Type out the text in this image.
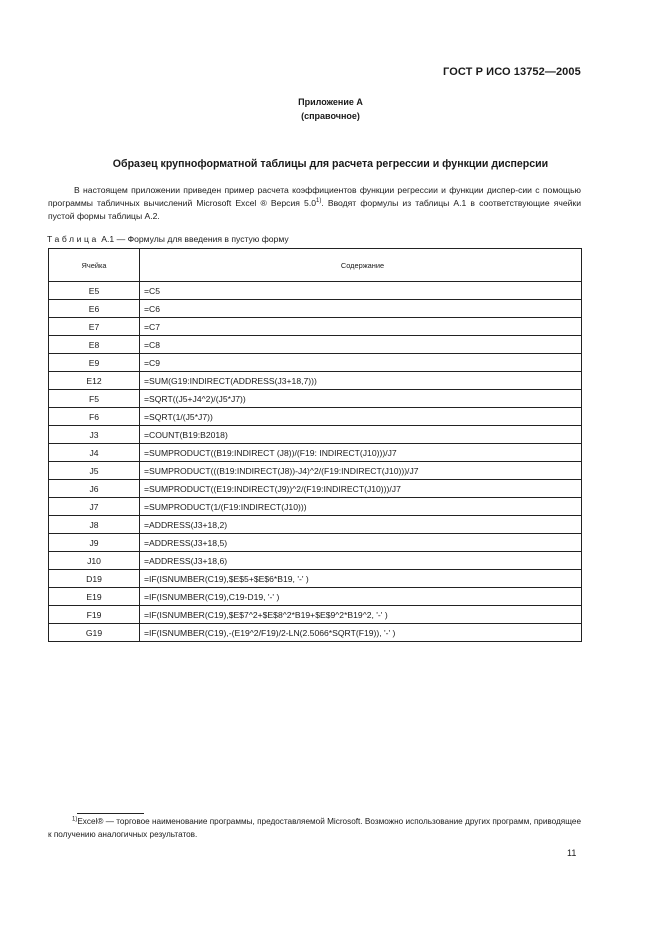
ГОСТ Р ИСО 13752—2005
Приложение А
(справочное)
Образец крупноформатной таблицы для расчета регрессии и функции дисперсии
В настоящем приложении приведен пример расчета коэффициентов функции регрессии и функции диспер-сии с помощью программы табличных вычислений Microsoft Excel ® Версия 5.0$^{1)}$. Вводят формулы из таблицы А.1 в соответствующие ячейки пустой формы таблицы А.2.
Таблица А.1 — Формулы для введения в пустую форму
Ячейка	Содержание
E5	=C5
E6	=C6
E7	=C7
E8	=C8
E9	=C9
E12	=SUM(G19:INDIRECT(ADDRESS(J3+18,7)))
F5	=SQRT((J5+J4^2)/(J5*J7))
F6	=SQRT(1/(J5*J7))
J3	=COUNT(B19:B2018)
J4	=SUMPRODUCT((B19:INDIRECT (J8))/(F19: INDIRECT(J10)))/J7
J5	=SUMPRODUCT(((B19:INDIRECT(J8))-J4)^2/(F19:INDIRECT(J10)))/J7
J6	=SUMPRODUCT((E19:INDIRECT(J9))^2/(F19:INDIRECT(J10)))/J7
J7	=SUMPRODUCT(1/(F19:INDIRECT(J10)))
J8	=ADDRESS(J3+18,2)
J9	=ADDRESS(J3+18,5)
J10	=ADDRESS(J3+18,6)
D19	=IF(ISNUMBER(C19),$E$5+$E$6*B19, '-' )
E19	=IF(ISNUMBER(C19),C19-D19, '-' )
F19	=IF(ISNUMBER(C19),$E$7^2+$E$8^2*B19+$E$9^2*B19^2, '-' )
G19	=IF(ISNUMBER(C19),-(E19^2/F19)/2-LN(2.5066*SQRT(F19)), '-' )
$^{1)}$Excel® — торговое наименование программы, предоставляемой Microsoft. Возможно использование других программ, приводящее к получению аналогичных результатов.
11
